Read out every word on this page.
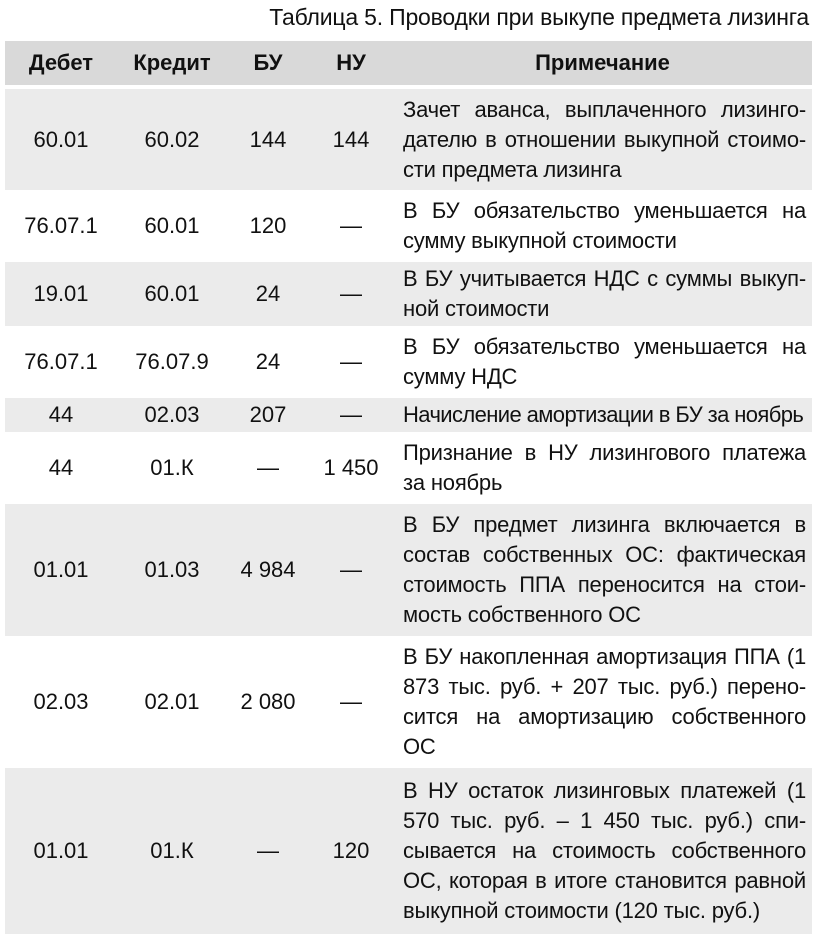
Таблица 5. Проводки при выкупе предмета лизинга
Дебет	Кредит	БУ	НУ	Примечание
60.01	60.02	144	144	Зачет аванса, выплаченного лизинго-дателю в отношении выкупной стоимо-сти предмета лизинга
76.07.1	60.01	120	—	В БУ обязательство уменьшается на сумму выкупной стоимости
19.01	60.01	24	—	В БУ учитывается НДС с суммы выкуп-ной стоимости
76.07.1	76.07.9	24	—	В БУ обязательство уменьшается на сумму НДС
44	02.03	207	—	Начисление амортизации в БУ за ноябрь
44	01.К	—	1 450	Признание в НУ лизингового платежа за ноябрь
01.01	01.03	4 984	—	В БУ предмет лизинга включается в состав собственных ОС: фактическая стоимость ППА переносится на стои-мость собственного ОС
02.03	02.01	2 080	—	В БУ накопленная амортизация ППА (1 873 тыс. руб. + 207 тыс. руб.) перено-сится на амортизацию собственного ОС
01.01	01.К	—	120	В НУ остаток лизинговых платежей (1 570 тыс. руб. – 1 450 тыс. руб.) спи-сывается на стоимость собственного ОС, которая в итоге становится равной выкупной стоимости (120 тыс. руб.)
